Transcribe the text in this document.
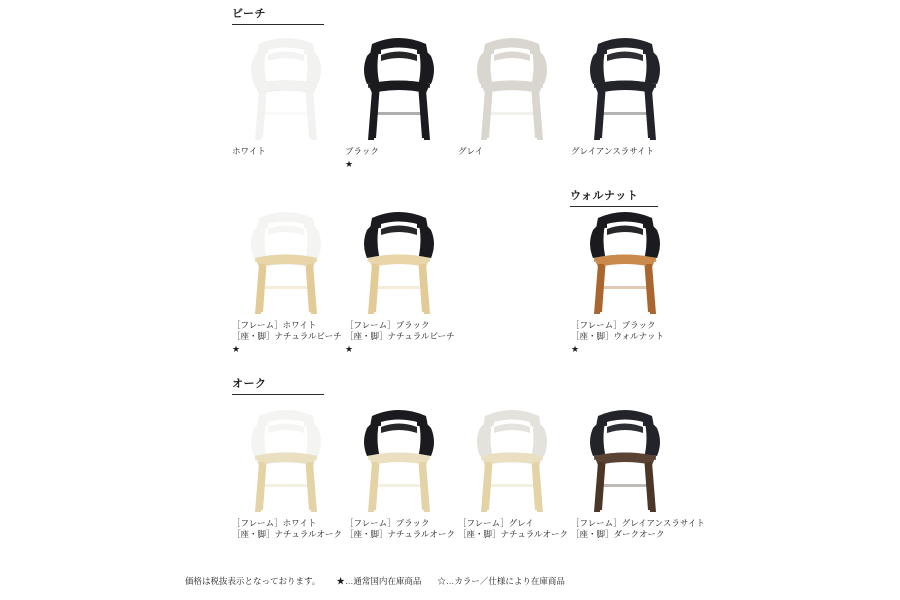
ビーチ
ウォルナット
オーク
ホワイト	ブラック
★
グレイ	グレイアンスラサイト
［フレーム］ホワイト
［座・脚］ナチュラルビーチ
★
［フレーム］ブラック
［座・脚］ナチュラルビーチ
★
［フレーム］ブラック
［座・脚］ウォルナット
★
［フレーム］ホワイト
［座・脚］ナチュラルオーク
［フレーム］ブラック
［座・脚］ナチュラルオーク
［フレーム］グレイ
［座・脚］ナチュラルオーク
［フレーム］グレイアンスラサイト
［座・脚］ダークオーク
価格は税抜表示となっております。 ★…通常国内在庫商品 ☆…カラー／仕様により在庫商品
